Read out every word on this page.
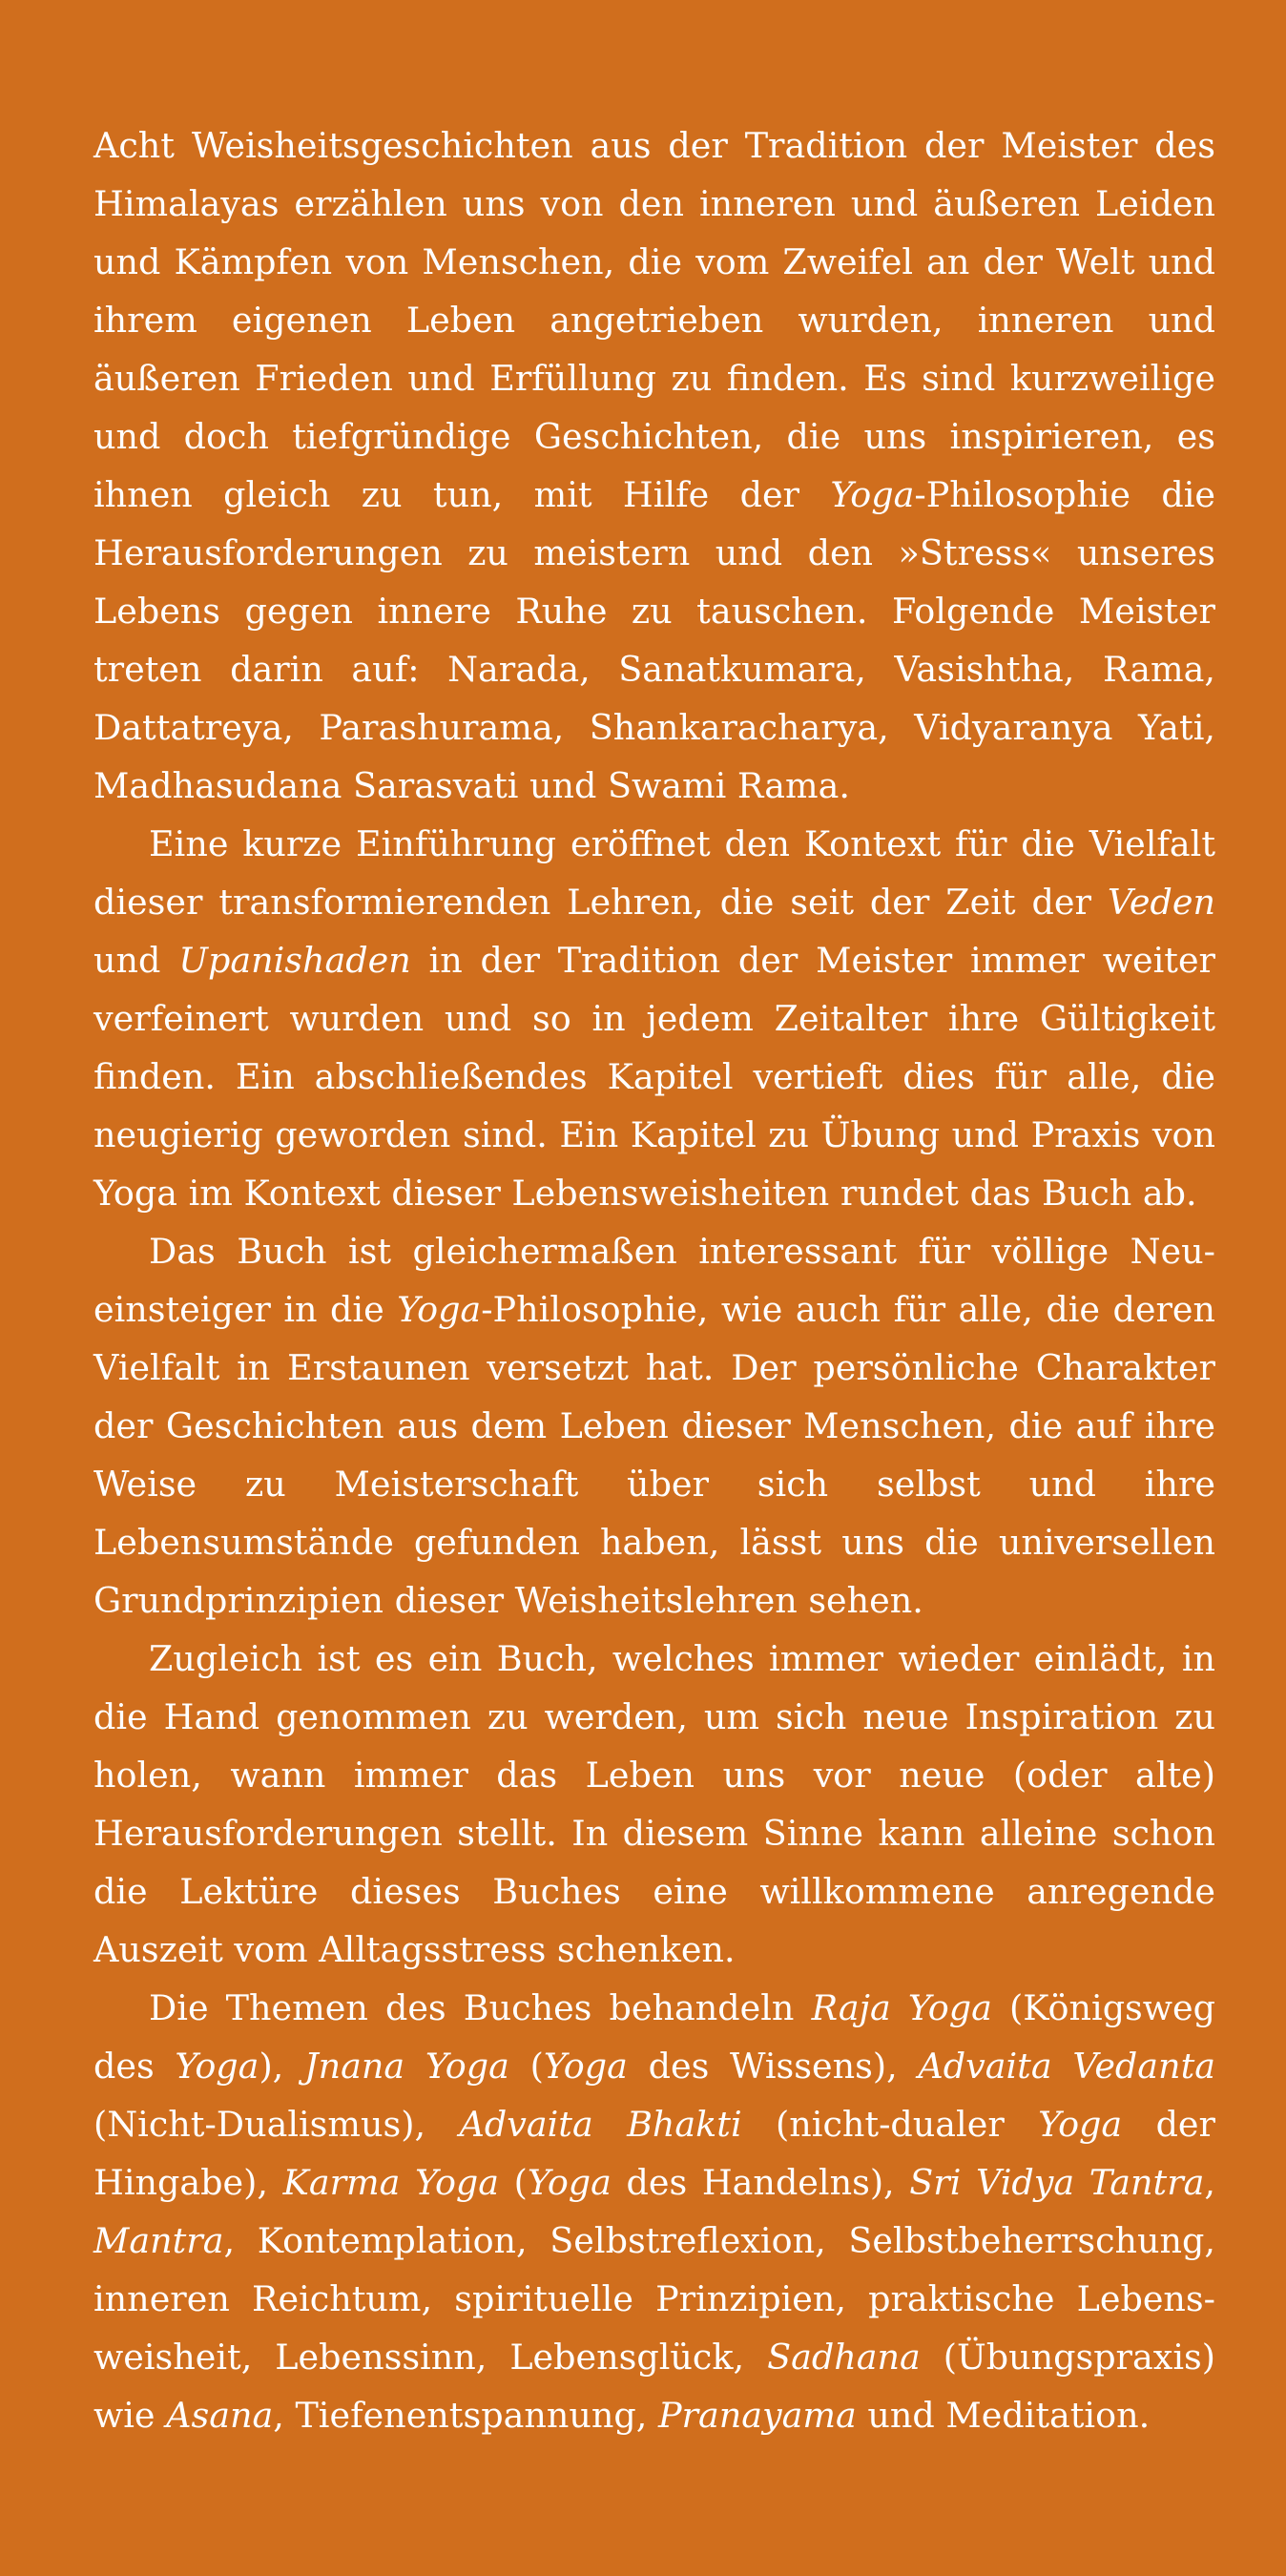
Acht Weisheitsgeschichten aus der Tradition der Meister des Himalayas erzählen uns von den inneren und äußeren Leiden und Kämpfen von Menschen, die vom Zweifel an der Welt und ihrem eigenen Leben angetrieben wurden, inneren und äußeren Frieden und Erfüllung zu finden. Es sind kurzweilige und doch tiefgründige Geschichten, die uns inspirieren, es ihnen gleich zu tun, mit Hilfe der Yoga-Philosophie die Herausforderungen zu meistern und den »Stress« unseres Lebens gegen innere Ruhe zu tauschen. Folgende Meister treten darin auf: Narada, Sanatkumara, Vasishtha, Rama, Dattatreya, Parashurama, Shankaracharya, Vidyaranya Yati, Madhasudana Sarasvati und Swami Rama.

Eine kurze Einführung eröffnet den Kontext für die Vielfalt dieser transformierenden Lehren, die seit der Zeit der Veden und Upanishaden in der Tradition der Meister immer weiter verfeinert wurden und so in jedem Zeitalter ihre Gültigkeit finden. Ein abschließendes Kapitel vertieft dies für alle, die neugierig geworden sind. Ein Kapitel zu Übung und Praxis von Yoga im Kontext dieser Lebensweisheiten rundet das Buch ab.

Das Buch ist gleichermaßen interessant für völlige Neueinsteiger in die Yoga-Philosophie, wie auch für alle, die deren Vielfalt in Erstaunen versetzt hat. Der persönliche Charakter der Geschichten aus dem Leben dieser Menschen, die auf ihre Weise zu Meisterschaft über sich selbst und ihre Lebensumstände gefunden haben, lässt uns die universellen Grundprinzipien dieser Weisheitslehren sehen.

Zugleich ist es ein Buch, welches immer wieder einlädt, in die Hand genommen zu werden, um sich neue Inspiration zu holen, wann immer das Leben uns vor neue (oder alte) Herausforderungen stellt. In diesem Sinne kann alleine schon die Lektüre dieses Buches eine willkommene anregende Auszeit vom Alltagsstress schenken.

Die Themen des Buches behandeln Raja Yoga (Königsweg des Yoga), Jnana Yoga (Yoga des Wissens), Advaita Vedanta (Nicht-Dualismus), Advaita Bhakti (nicht-dualer Yoga der Hingabe), Karma Yoga (Yoga des Handelns), Sri Vidya Tantra, Mantra, Kontemplation, Selbstreflexion, Selbstbeherrschung, inneren Reichtum, spirituelle Prinzipien, praktische Lebensweisheit, Lebenssinn, Lebensglück, Sadhana (Übungspraxis) wie Asana, Tiefenentspannung, Pranayama und Meditation.
